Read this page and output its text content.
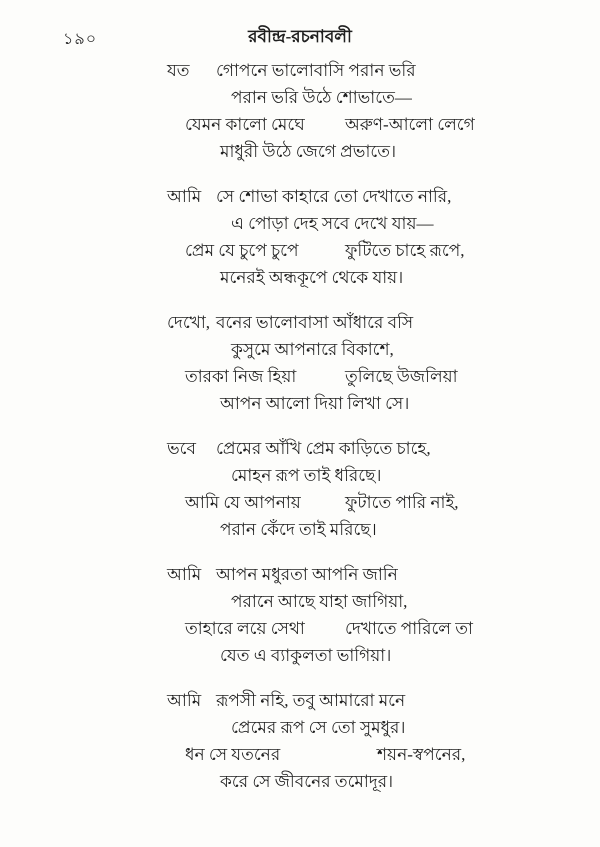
১৯০	রবীন্দ্র-রচনাবলী
যত গোপনে ভালোবাসি পরান ভরি
পরান ভরি উঠে শোভাতে—
যেমন কালো মেঘে অরুণ-আলো লেগে
মাধুরী উঠে জেগে প্রভাতে।
আমি সে শোভা কাহারে তো দেখাতে নারি,
এ পোড়া দেহ সবে দেখে যায়—
প্রেম যে চুপে চুপে	ফুটিতে চাহে রূপে,
মনেরই অন্ধকূপে থেকে যায়।
দেখো, বনের ভালোবাসা আঁধারে বসি
কুসুমে আপনারে বিকাশে,
তারকা নিজ হিয়া	তুলিছে উজলিয়া
আপন আলো দিয়া লিখা সে।
ভবে প্রেমের আঁখি প্রেম কাড়িতে চাহে,
মোহন রূপ তাই ধরিছে।
আমি যে আপনায়	ফুটাতে পারি নাই,
পরান কেঁদে তাই মরিছে।
আমি আপন মধুরতা আপনি জানি
পরানে আছে যাহা জাগিয়া,
তাহারে লয়ে সেথা দেখাতে পারিলে তা
যেত এ ব্যাকুলতা ভাগিয়া।
আমি রূপসী নহি, তবু আমারো মনে
প্রেমের রূপ সে তো সুমধুর।
ধন সে যতনের	শয়ন-স্বপনের,
করে সে জীবনের তমোদূর।
